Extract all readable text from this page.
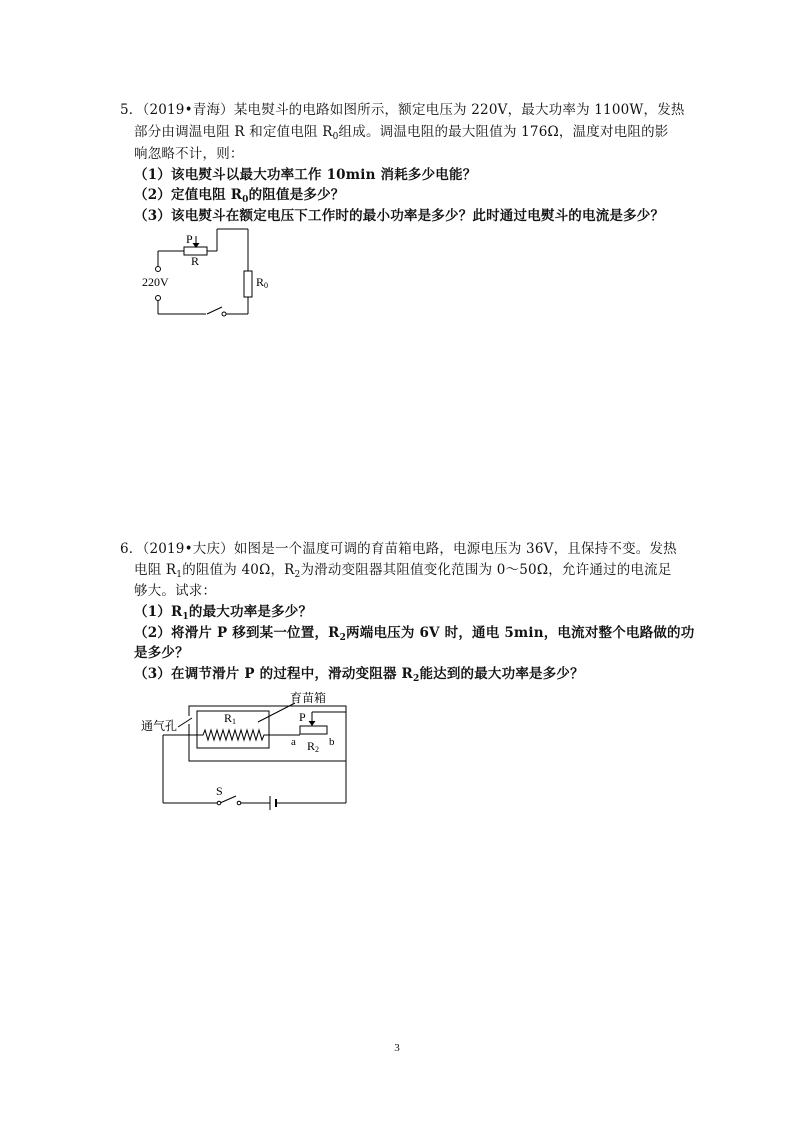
5．（2019•青海）某电熨斗的电路如图所示，额定电压为 220V，最大功率为 1100W，发热
部分由调温电阻 R 和定值电阻 $R_0$组成。调温电阻的最大阻值为 176Ω，温度对电阻的影
响忽略不计，则：
（1）该电熨斗以最大功率工作 10min 消耗多少电能？
（2）定值电阻 $R_0$的阻值是多少？
（3）该电熨斗在额定电压下工作时的最小功率是多少？此时通过电熨斗的电流是多少？
P
R
220V	R0
6．（2019•大庆）如图是一个温度可调的育苗箱电路，电源电压为 36V，且保持不变。发热
电阻 $R_1$的阻值为 40Ω，$R_2$为滑动变阻器其阻值变化范围为 0～50Ω，允许通过的电流足
够大。试求：
$(1)R_1$的最大功率是多少？
（2）将滑片 P 移到某一位置，$R_2$两端电压为 6V 时，通电 5min，电流对整个电路做的功
是多少？
（3）在调节滑片 P 的过程中，滑动变阻器 $R_2$能达到的最大功率是多少？
育苗箱
通气孔
R1	P
a	b
R2
S
3
